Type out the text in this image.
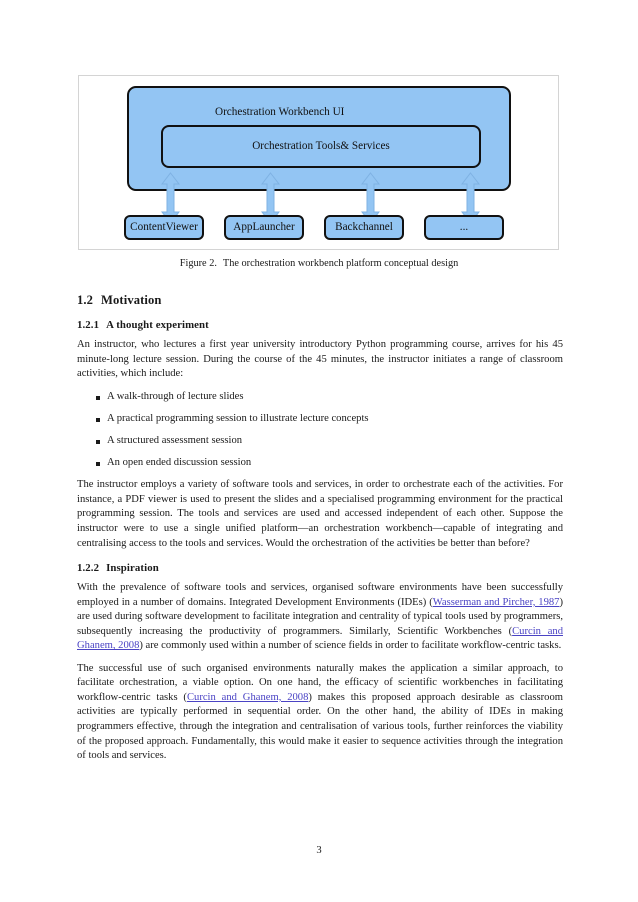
Orchestration Workbench UI
Orchestration Tools& Services
ContentViewer	AppLauncher	Backchannel	...
Figure 2. The orchestration workbench platform conceptual design
1.2 Motivation
1.2.1 A thought experiment

An instructor, who lectures a first year university introductory Python programming course, arrives for his 45 minute-long lecture session. During the course of the 45 minutes, the instructor initiates a range of classroom activities, which include:

A walk-through of lecture slides
A practical programming session to illustrate lecture concepts
A structured assessment session
An open ended discussion session

The instructor employs a variety of software tools and services, in order to orchestrate each of the activities. For instance, a PDF viewer is used to present the slides and a specialised programming environment for the practical programming session. The tools and services are used and accessed independent of each other. Suppose the instructor were to use a single unified platform—an orchestration workbench—capable of integrating and centralising access to the tools and services. Would the orchestration of the activities be better than before?

1.2.2 Inspiration

With the prevalence of software tools and services, organised software environments have been successfully employed in a number of domains. Integrated Development Environments (IDEs) (Wasserman and Pircher, 1987) are used during software development to facilitate integration and centrality of typical tools used by programmers, subsequently increasing the productivity of programmers. Similarly, Scientific Workbenches (Curcin and Ghanem, 2008) are commonly used within a number of science fields in order to facilitate workflow-centric tasks.

The successful use of such organised environments naturally makes the application a similar approach, to facilitate orchestration, a viable option. On one hand, the efficacy of scientific workbenches in facilitating workflow-centric tasks (Curcin and Ghanem, 2008) makes this proposed approach desirable as classroom activities are typically performed in sequential order. On the other hand, the ability of IDEs in making programmers effective, through the integration and centralisation of various tools, further reinforces the viability of the proposed approach. Fundamentally, this would make it easier to sequence activities through the integration of tools and services.

3
